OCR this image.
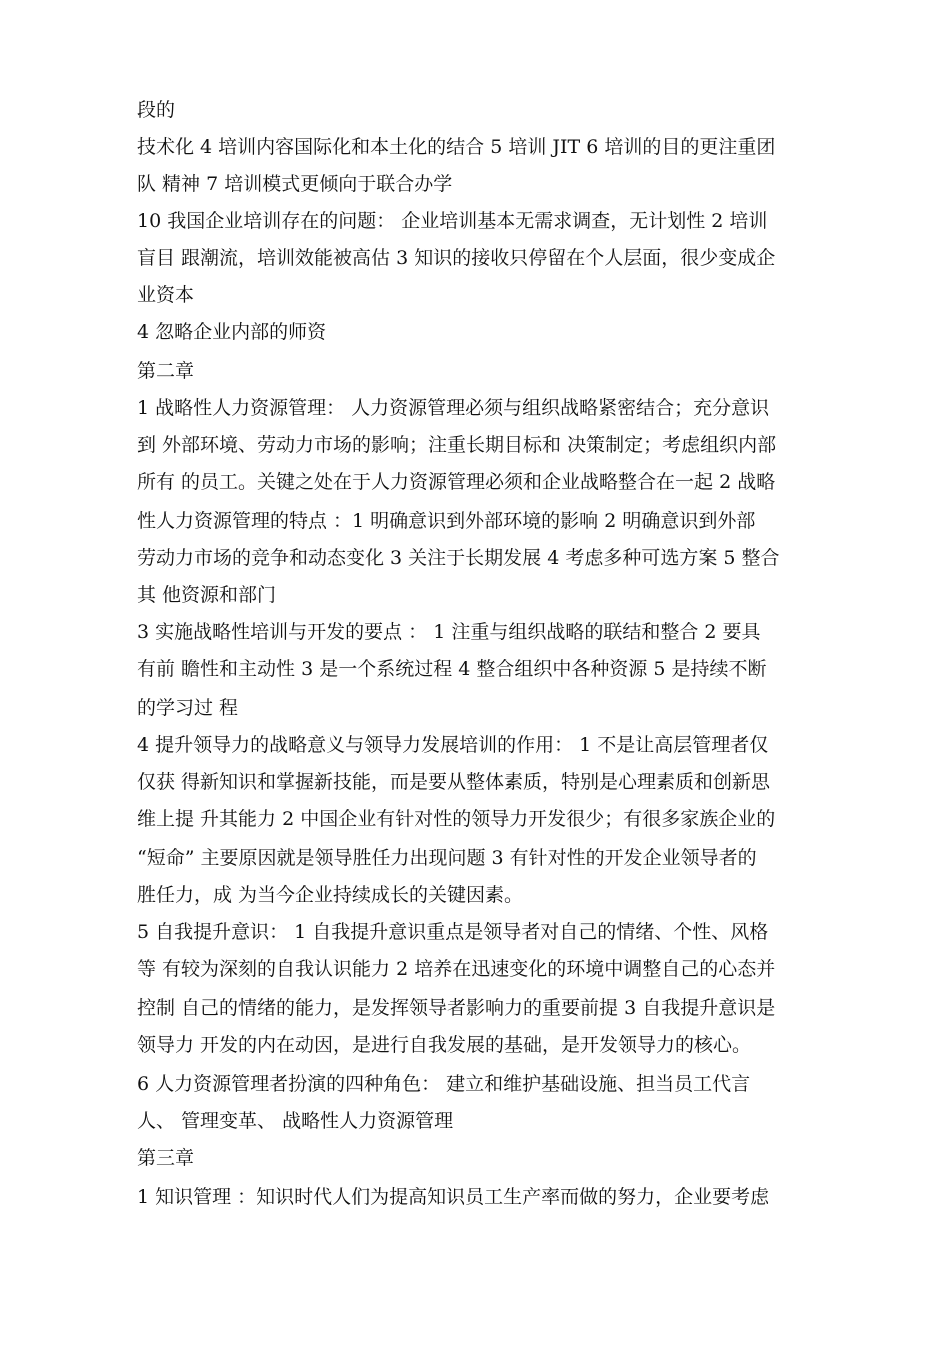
段的
技术化 4 培训内容国际化和本土化的结合 5 培训 JIT 6 培训的目的更注重团
队 精神 7 培训模式更倾向于联合办学
10 我国企业培训存在的问题： 企业培训基本无需求调查，无计划性 2 培训
盲目 跟潮流，培训效能被高估 3 知识的接收只停留在个人层面，很少变成企
业资本
4 忽略企业内部的师资
第二章
1 战略性人力资源管理： 人力资源管理必须与组织战略紧密结合；充分意识
到 外部环境、劳动力市场的影响；注重长期目标和 决策制定；考虑组织内部
所有 的员工。关键之处在于人力资源管理必须和企业战略整合在一起 2 战略
性人力资源管理的特点 ：1 明确意识到外部环境的影响 2 明确意识到外部
劳动力市场的竞争和动态变化 3 关注于长期发展 4 考虑多种可选方案 5 整合
其 他资源和部门
3 实施战略性培训与开发的要点 ： 1 注重与组织战略的联结和整合 2 要具
有前 瞻性和主动性 3 是一个系统过程 4 整合组织中各种资源 5 是持续不断
的学习过 程
4 提升领导力的战略意义与领导力发展培训的作用： 1 不是让高层管理者仅
仅获 得新知识和掌握新技能，而是要从整体素质，特别是心理素质和创新思
维上提 升其能力 2 中国企业有针对性的领导力开发很少；有很多家族企业的
“短命” 主要原因就是领导胜任力出现问题 3 有针对性的开发企业领导者的
胜任力，成 为当今企业持续成长的关键因素。
5 自我提升意识： 1 自我提升意识重点是领导者对自己的情绪、个性、风格
等 有较为深刻的自我认识能力 2 培养在迅速变化的环境中调整自己的心态并
控制 自己的情绪的能力，是发挥领导者影响力的重要前提 3 自我提升意识是
领导力 开发的内在动因，是进行自我发展的基础，是开发领导力的核心。
6 人力资源管理者扮演的四种角色： 建立和维护基础设施、担当员工代言
人、 管理变革、 战略性人力资源管理
第三章
1 知识管理 ：知识时代人们为提高知识员工生产率而做的努力，企业要考虑
